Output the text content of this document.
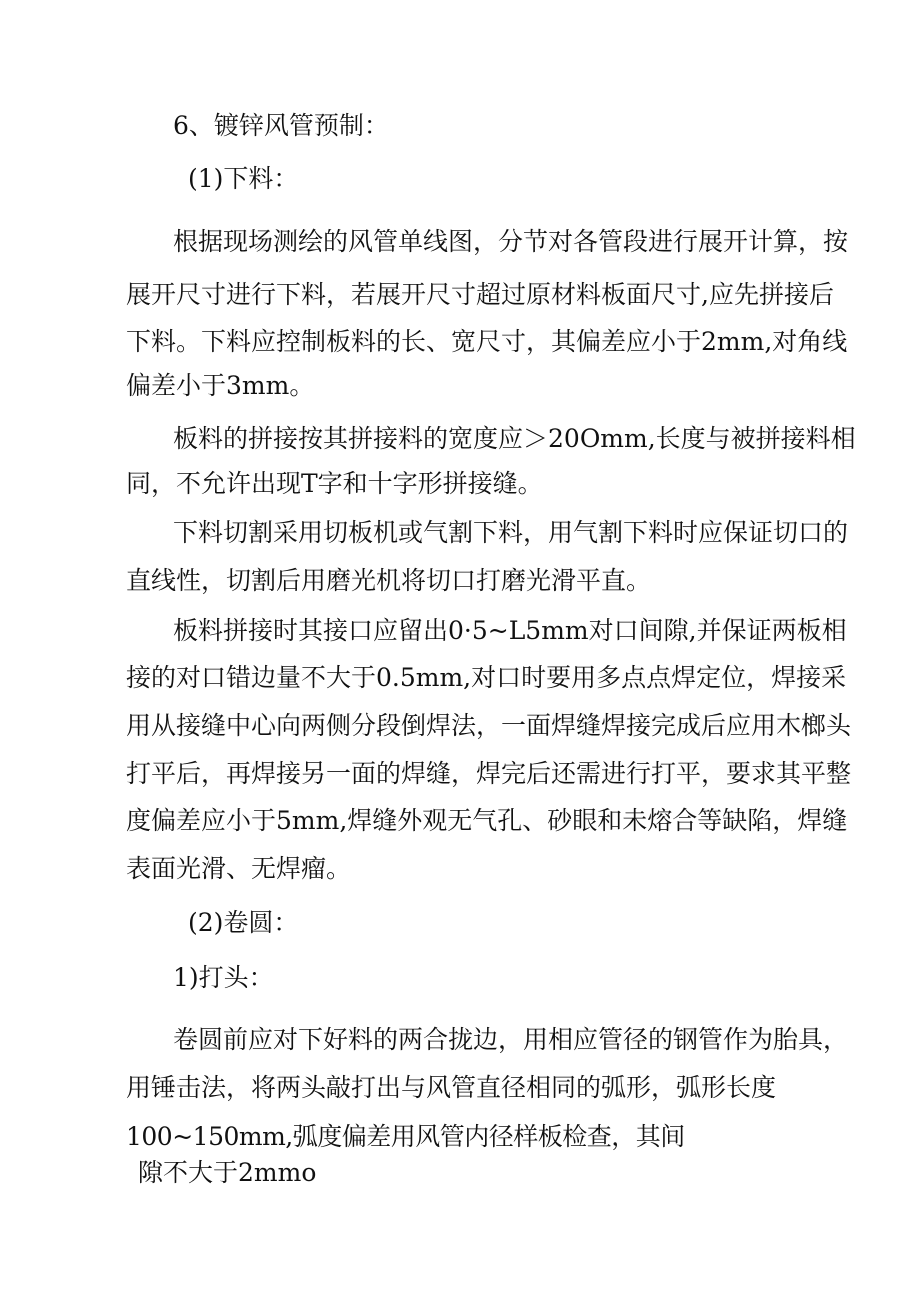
6、镀锌风管预制：
(1)下料：
根据现场测绘的风管单线图，分节对各管段进行展开计算，按
展开尺寸进行下料，若展开尺寸超过原材料板面尺寸,应先拼接后
下料。下料应控制板料的长、宽尺寸，其偏差应小于2mm,对角线
偏差小于3mm。
板料的拼接按其拼接料的宽度应＞20Omm,长度与被拼接料相
同，不允许出现T字和十字形拼接缝。
下料切割采用切板机或气割下料，用气割下料时应保证切口的
直线性，切割后用磨光机将切口打磨光滑平直。
板料拼接时其接口应留出0·5~L5mm对口间隙,并保证两板相
接的对口错边量不大于0.5mm,对口时要用多点点焊定位，焊接采
用从接缝中心向两侧分段倒焊法，一面焊缝焊接完成后应用木榔头
打平后，再焊接另一面的焊缝，焊完后还需进行打平，要求其平整
度偏差应小于5mm,焊缝外观无气孔、砂眼和未熔合等缺陷，焊缝
表面光滑、无焊瘤。
(2)卷圆：
1)打头：
卷圆前应对下好料的两合拢边，用相应管径的钢管作为胎具，
用锤击法，将两头敲打出与风管直径相同的弧形，弧形长度
100~150mm,弧度偏差用风管内径样板检查，其间
隙不大于2mmo
